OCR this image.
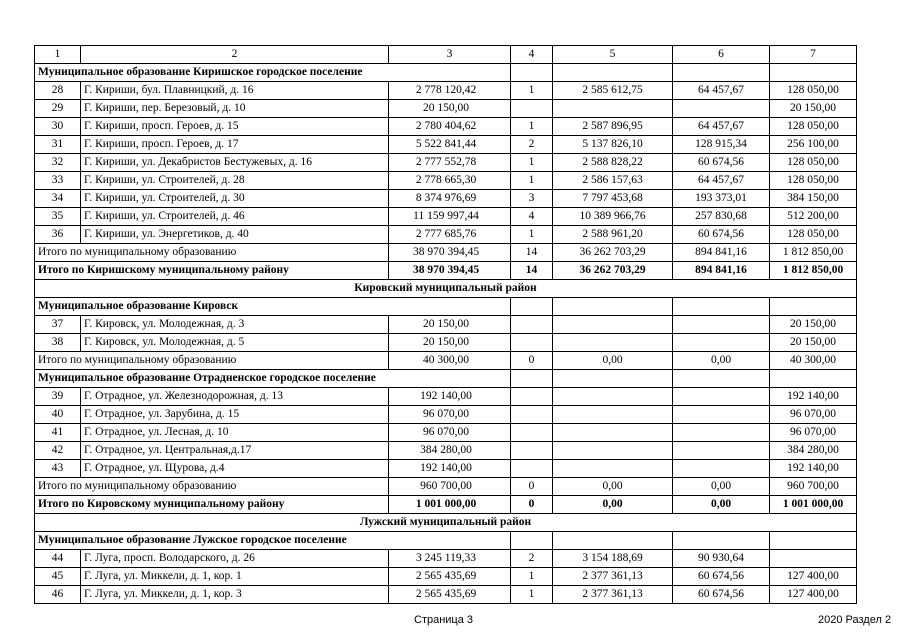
1	2	3	4	5	6	7
Муниципальное образование Киришское городское поселение						
28	Г. Кириши, бул. Плавницкий, д. 16	2 778 120,42	1	2 585 612,75	64 457,67	128 050,00
29	Г. Кириши, пер. Березовый, д. 10	20 150,00				20 150,00
30	Г. Кириши, просп. Героев, д. 15	2 780 404,62	1	2 587 896,95	64 457,67	128 050,00
31	Г. Кириши, просп. Героев, д. 17	5 522 841,44	2	5 137 826,10	128 915,34	256 100,00
32	Г. Кириши, ул. Декабристов Бестужевых, д. 16	2 777 552,78	1	2 588 828,22	60 674,56	128 050,00
33	Г. Кириши, ул. Строителей, д. 28	2 778 665,30	1	2 586 157,63	64 457,67	128 050,00
34	Г. Кириши, ул. Строителей, д. 30	8 374 976,69	3	7 797 453,68	193 373,01	384 150,00
35	Г. Кириши, ул. Строителей, д. 46	11 159 997,44	4	10 389 966,76	257 830,68	512 200,00
36	Г. Кириши, ул. Энергетиков, д. 40	2 777 685,76	1	2 588 961,20	60 674,56	128 050,00
Итого по муниципальному образованию		38 970 394,45	14	36 262 703,29	894 841,16	1 812 850,00
Итого по Киришскому муниципальному району		38 970 394,45	14	36 262 703,29	894 841,16	1 812 850,00
Кировский муниципальный район						
Муниципальное образование Кировск						
37	Г. Кировск, ул. Молодежная, д. 3	20 150,00				20 150,00
38	Г. Кировск, ул. Молодежная, д. 5	20 150,00				20 150,00
Итого по муниципальному образованию		40 300,00	0	0,00	0,00	40 300,00
Муниципальное образование Отрадненское городское поселение						
39	Г. Отрадное, ул. Железнодорожная, д. 13	192 140,00				192 140,00
40	Г. Отрадное, ул. Зарубина, д. 15	96 070,00				96 070,00
41	Г. Отрадное, ул. Лесная, д. 10	96 070,00				96 070,00
42	Г. Отрадное, ул. Центральная,д.17	384 280,00				384 280,00
43	Г. Отрадное, ул. Щурова, д.4	192 140,00				192 140,00
Итого по муниципальному образованию		960 700,00	0	0,00	0,00	960 700,00
Итого по Кировскому муниципальному району		1 001 000,00	0	0,00	0,00	1 001 000,00
Лужский муниципальный район						
Муниципальное образование Лужское городское поселение						
44	Г. Луга, просп. Володарского, д. 26	3 245 119,33	2	3 154 188,69	90 930,64	
45	Г. Луга, ул. Миккели, д. 1, кор. 1	2 565 435,69	1	2 377 361,13	60 674,56	127 400,00
46	Г. Луга, ул. Миккели, д. 1, кор. 3	2 565 435,69	1	2 377 361,13	60 674,56	127 400,00
Страница 3	2020 Раздел 2
